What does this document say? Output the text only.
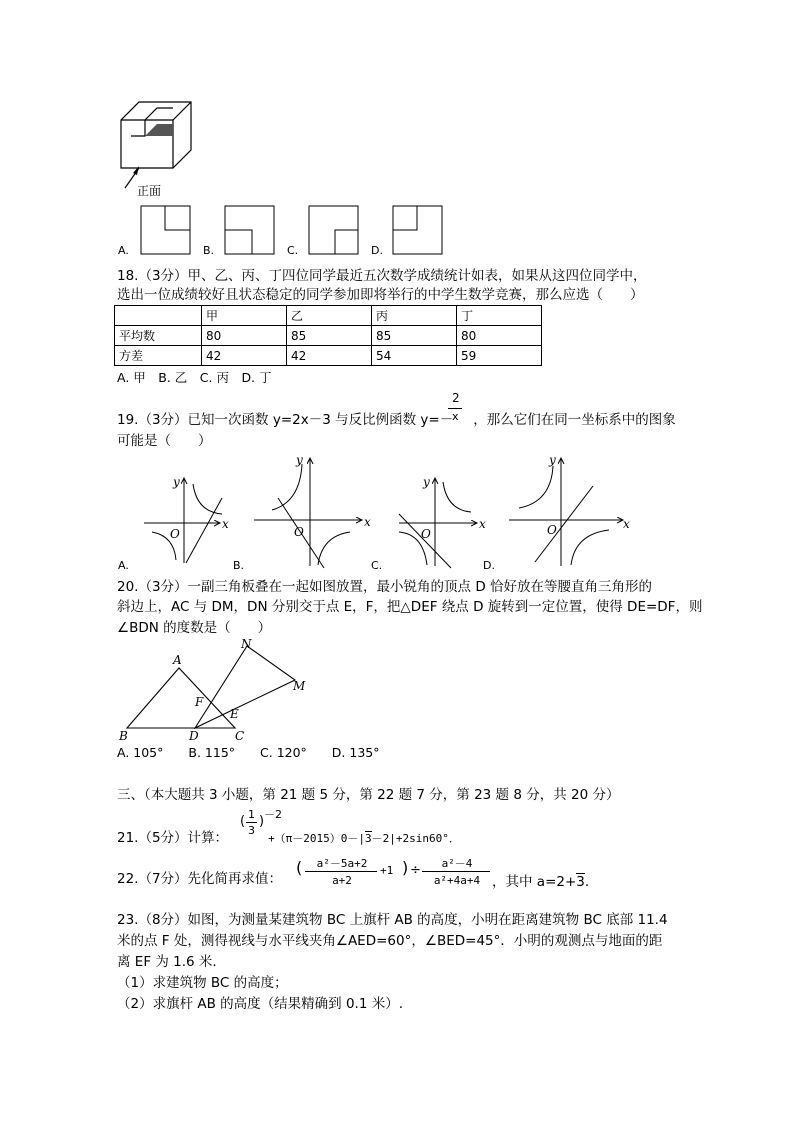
正面
A.	B.	C.	D.
18.（3分）甲、乙、丙、丁四位同学最近五次数学成绩统计如表，如果从这四位同学中，
选出一位成绩较好且状态稳定的同学参加即将举行的中学生数学竞赛，那么应选（　　）
	甲	乙	丙	丁
平均数	80	85	85	80
方差	42	42	54	59
A. 甲　B. 乙　C. 丙　D. 丁
2
x
19.（3分）已知一次函数 y=2x－3 与反比例函数 y=－ ，那么它们在同一坐标系中的图象
可能是（　　）
y
x
O
A.
y
x
O
B.
y
x
O
C.
y
x
O
D.
20.（3分）一副三角板叠在一起如图放置，最小锐角的顶点 D 恰好放在等腰直角三角形的
斜边上，AC 与 DM，DN 分别交于点 E，F，把△DEF 绕点 D 旋转到一定位置，使得 DE=DF，则
∠BDN 的度数是（　　）
A
B	C
D
E
F
M
N
A. 105°　　B. 115°　　C. 120°　　D. 135°
三、（本大题共 3 小题，第 21 题 5 分，第 22 题 7 分，第 23 题 8 分，共 20 分）
( 1
3
) －2
21.（5分）计算：	+（π－2015）0－|3－2|+2sin60°．
22.（7分）先化简再求值：
(	a²－5a+2
a+2
+1 ) ÷	a²－4
a²+4a+4 ，其中 a=2+3.
23.（8分）如图，为测量某建筑物 BC 上旗杆 AB 的高度，小明在距离建筑物 BC 底部 11.4
米的点 F 处，测得视线与水平线夹角∠AED=60°，∠BED=45°．小明的观测点与地面的距
离 EF 为 1.6 米．
（1）求建筑物 BC 的高度；
（2）求旗杆 AB 的高度（结果精确到 0.1 米）.
